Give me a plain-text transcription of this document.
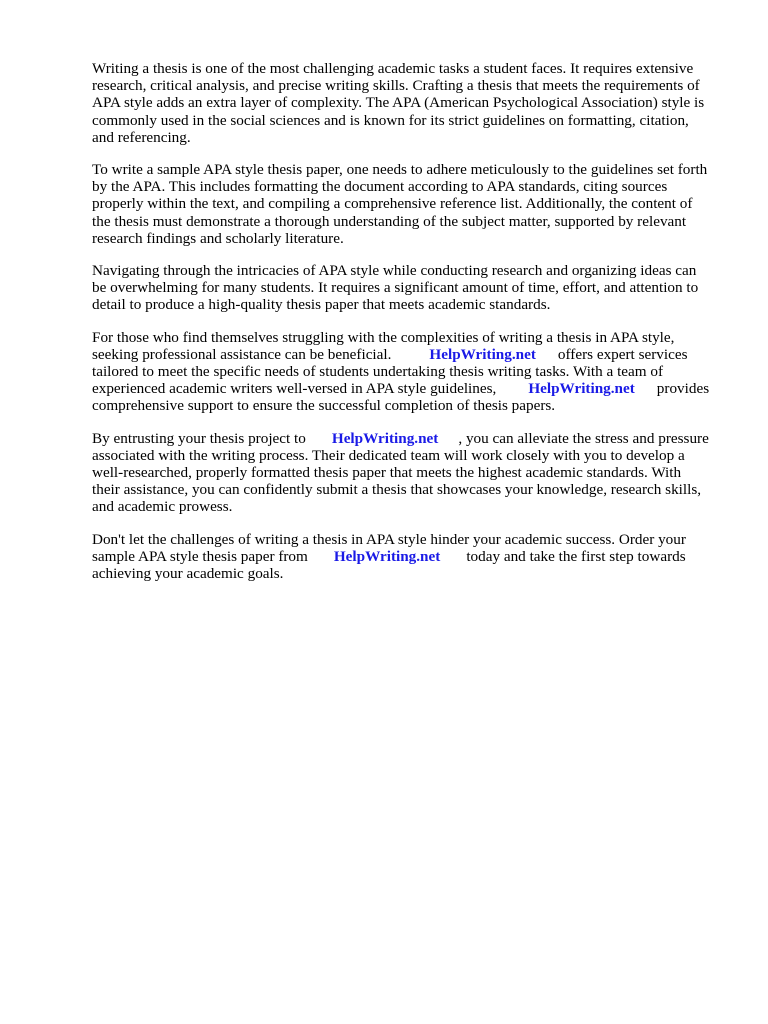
Writing a thesis is one of the most challenging academic tasks a student faces. It requires extensive
research, critical analysis, and precise writing skills. Crafting a thesis that meets the requirements of
APA style adds an extra layer of complexity. The APA (American Psychological Association) style is
commonly used in the social sciences and is known for its strict guidelines on formatting, citation,
and referencing.

To write a sample APA style thesis paper, one needs to adhere meticulously to the guidelines set forth
by the APA. This includes formatting the document according to APA standards, citing sources
properly within the text, and compiling a comprehensive reference list. Additionally, the content of
the thesis must demonstrate a thorough understanding of the subject matter, supported by relevant
research findings and scholarly literature.

Navigating through the intricacies of APA style while conducting research and organizing ideas can
be overwhelming for many students. It requires a significant amount of time, effort, and attention to
detail to produce a high-quality thesis paper that meets academic standards.

For those who find themselves struggling with the complexities of writing a thesis in APA style,
seeking professional assistance can be beneficial.	HelpWriting.net offers expert services
tailored to meet the specific needs of students undertaking thesis writing tasks. With a team of
experienced academic writers well-versed in APA style guidelines, HelpWriting.net provides
comprehensive support to ensure the successful completion of thesis papers.

By entrusting your thesis project to HelpWriting.net , you can alleviate the stress and pressure
associated with the writing process. Their dedicated team will work closely with you to develop a
well-researched, properly formatted thesis paper that meets the highest academic standards. With
their assistance, you can confidently submit a thesis that showcases your knowledge, research skills,
and academic prowess.

Don't let the challenges of writing a thesis in APA style hinder your academic success. Order your
sample APA style thesis paper from HelpWriting.net today and take the first step towards
achieving your academic goals.
